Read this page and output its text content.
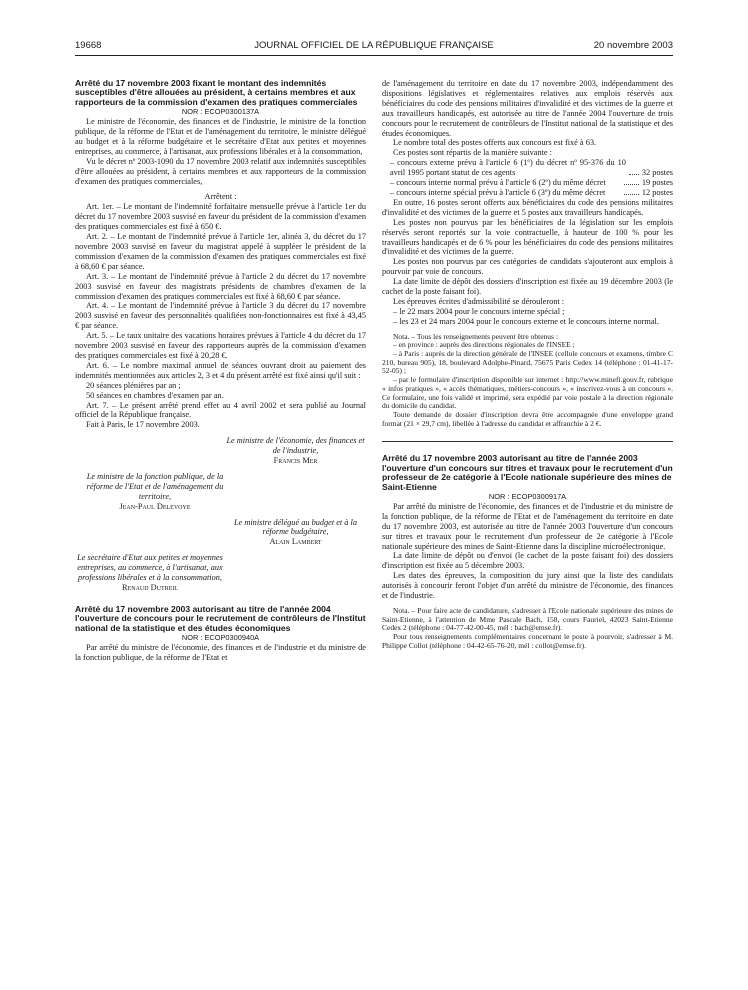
19668	JOURNAL OFFICIEL DE LA RÉPUBLIQUE FRANÇAISE	20 novembre 2003

Arrêté du 17 novembre 2003 fixant le montant des indemnités susceptibles d'être allouées au président, à certains membres et aux rapporteurs de la commission d'examen des pratiques commerciales

NOR : ECOP0300137A

Le ministre de l'économie, des finances et de l'industrie, le ministre de la fonction publique, de la réforme de l'Etat et de l'aménagement du territoire, le ministre délégué au budget et à la réforme budgétaire et le secrétaire d'Etat aux petites et moyennes entreprises, au commerce, à l'artisanat, aux professions libérales et à la consommation,

Vu le décret nº 2003-1090 du 17 novembre 2003 relatif aux indemnités susceptibles d'être allouées au président, à certains membres et aux rapporteurs de la commission d'examen des pratiques commerciales,

Arrêtent :

Art. 1er. – Le montant de l'indemnité forfaitaire mensuelle prévue à l'article 1er du décret du 17 novembre 2003 susvisé en faveur du président de la commission d'examen des pratiques commerciales est fixé à 650 €.

Art. 2. – Le montant de l'indemnité prévue à l'article 1er, alinéa 3, du décret du 17 novembre 2003 susvisé en faveur du magistrat appelé à suppléer le président de la commission d'examen de la commission d'examen des pratiques commerciales est fixé à 68,60 € par séance.

Art. 3. – Le montant de l'indemnité prévue à l'article 2 du décret du 17 novembre 2003 susvisé en faveur des magistrats présidents de chambres d'examen de la commission d'examen des pratiques commerciales est fixé à 68,60 € par séance.

Art. 4. – Le montant de l'indemnité prévue à l'article 3 du décret du 17 novembre 2003 susvisé en faveur des personnalités qualifiées non-fonctionnaires est fixé à 43,45 € par séance.

Art. 5. – Le taux unitaire des vacations horaires prévues à l'article 4 du décret du 17 novembre 2003 susvisé en faveur des rapporteurs auprès de la commission d'examen des pratiques commerciales est fixé à 20,28 €.

Art. 6. – Le nombre maximal annuel de séances ouvrant droit au paiement des indemnités mentionnées aux articles 2, 3 et 4 du présent arrêté est fixé ainsi qu'il suit :

20 séances plénières par an ;

50 séances en chambres d'examen par an.

Art. 7. – Le présent arrêté prend effet au 4 avril 2002 et sera publié au Journal officiel de la République française.

Fait à Paris, le 17 novembre 2003.

Le ministre de l'économie, des finances et de l'industrie,

Francis Mer

Le ministre de la fonction publique, de la réforme de l'Etat et de l'aménagement du territoire,

Jean-Paul Delevoye

Le ministre délégué au budget et à la réforme budgétaire,

Alain Lambert

Le secrétaire d'Etat aux petites et moyennes entreprises, au commerce, à l'artisanat, aux professions libérales et à la consommation,

Renaud Dutreil

Arrêté du 17 novembre 2003 autorisant au titre de l'année 2004 l'ouverture de concours pour le recrutement de contrôleurs de l'Institut national de la statistique et des études économiques

NOR : ECOP0300940A

Par arrêté du ministre de l'économie, des finances et de l'industrie et du ministre de la fonction publique, de la réforme de l'Etat et

de l'aménagement du territoire en date du 17 novembre 2003, indépendamment des dispositions législatives et réglementaires relatives aux emplois réservés aux bénéficiaires du code des pensions militaires d'invalidité et des victimes de la guerre et aux travailleurs handicapés, est autorisée au titre de l'année 2004 l'ouverture de trois concours pour le recrutement de contrôleurs de l'Institut national de la statistique et des études économiques.

Le nombre total des postes offerts aux concours est fixé à 63.

Ces postes sont répartis de la manière suivante :

– concours externe prévu à l'article 6 (1º) du décret nº 95-376 du 10 avril 1995 portant statut de ces agents	32 postes
– concours interne normal prévu à l'article 6 (2º) du même décret	19 postes
– concours interne spécial prévu à l'article 6 (3º) du même décret	12 postes

En outre, 16 postes seront offerts aux bénéficiaires du code des pensions militaires d'invalidité et des victimes de la guerre et 5 postes aux travailleurs handicapés.

Les postes non pourvus par les bénéficiaires de la législation sur les emplois réservés seront reportés sur la voie contractuelle, à hauteur de 100 % pour les travailleurs handicapés et de 6 % pour les bénéficiaires du code des pensions militaires d'invalidité et des victimes de la guerre.

Les postes non pourvus par ces catégories de candidats s'ajouteront aux emplois à pourvoir par voie de concours.

La date limite de dépôt des dossiers d'inscription est fixée au 19 décembre 2003 (le cachet de la poste faisant foi).

Les épreuves écrites d'admissibilité se dérouleront :

– le 22 mars 2004 pour le concours interne spécial ;

– les 23 et 24 mars 2004 pour le concours externe et le concours interne normal.

Nota. – Tous les renseignements peuvent être obtenus :

– en province : auprès des directions régionales de l'INSEE ;

– à Paris : auprès de la direction générale de l'INSEE (cellule concours et examens, timbre C 210, bureau 905), 18, boulevard Adolphe-Pinard, 75675 Paris Cedex 14 (téléphone : 01-41-17-52-05) ;

– par le formulaire d'inscription disponible sur internet : http://www.minefi.gouv.fr, rubrique « infos pratiques », « accès thématiques, métiers-concours », « inscrivez-vous à un concours ». Ce formulaire, une fois validé et imprimé, sera expédié par voie postale à la direction régionale du domicile du candidat.

Toute demande de dossier d'inscription devra être accompagnée d'une enveloppe grand format (21 × 29,7 cm), libellée à l'adresse du candidat et affranchie à 2 €.

Arrêté du 17 novembre 2003 autorisant au titre de l'année 2003 l'ouverture d'un concours sur titres et travaux pour le recrutement d'un professeur de 2e catégorie à l'Ecole nationale supérieure des mines de Saint-Etienne

NOR : ECOP0300917A

Par arrêté du ministre de l'économie, des finances et de l'industrie et du ministre de la fonction publique, de la réforme de l'Etat et de l'aménagement du territoire en date du 17 novembre 2003, est autorisée au titre de l'année 2003 l'ouverture d'un concours sur titres et travaux pour le recrutement d'un professeur de 2e catégorie à l'Ecole nationale supérieure des mines de Saint-Etienne dans la discipline microélectronique.

La date limite de dépôt ou d'envoi (le cachet de la poste faisant foi) des dossiers d'inscription est fixée au 5 décembre 2003.

Les dates des épreuves, la composition du jury ainsi que la liste des candidats autorisés à concourir feront l'objet d'un arrêté du ministre de l'économie, des finances et de l'industrie.

Nota. – Pour faire acte de candidature, s'adresser à l'Ecole nationale supérieure des mines de Saint-Etienne, à l'attention de Mme Pascale Bach, 158, cours Fauriel, 42023 Saint-Etienne Cedex 2 (téléphone : 04-77-42-00-45, mél : bach@emse.fr).

Pour tous renseignements complémentaires concernant le poste à pourvoir, s'adresser à M. Philippe Collot (téléphone : 04-42-65-76-20, mél : collot@emse.fr).
